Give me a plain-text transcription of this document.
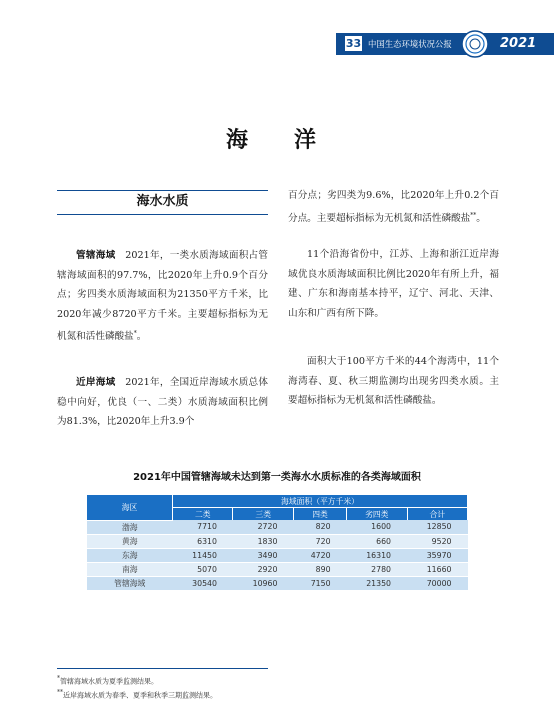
33 中国生态环境状况公报	2021
海　洋
海水水质

管辖海域　2021年，一类水质海域面积占管辖海域面积的97.7%，比2020年上升0.9个百分点；劣四类水质海域面积为21350平方千米，比2020年减少8720平方千米。主要超标指标为无机氮和活性磷酸盐*。

近岸海域　2021年，全国近岸海域水质总体稳中向好，优良（一、二类）水质海域面积比例为81.3%，比2020年上升3.9个

百分点；劣四类为9.6%，比2020年上升0.2个百分点。主要超标指标为无机氮和活性磷酸盐**。

11个沿海省份中，江苏、上海和浙江近岸海域优良水质海域面积比例比2020年有所上升，福建、广东和海南基本持平，辽宁、河北、天津、山东和广西有所下降。

面积大于100平方千米的44个海湾中，11个海湾春、夏、秋三期监测均出现劣四类水质。主要超标指标为无机氮和活性磷酸盐。

2021年中国管辖海域未达到第一类海水水质标准的各类海域面积
海区	海域面积（平方千米）				
	二类	三类	四类	劣四类	合计
渤海	7710	2720	820	1600	12850
黄海	6310	1830	720	660	9520
东海	11450	3490	4720	16310	35970
南海	5070	2920	890	2780	11660
管辖海域	30540	10960	7150	21350	70000
*管辖海域水质为夏季监测结果。
**近岸海域水质为春季、夏季和秋季三期监测结果。
